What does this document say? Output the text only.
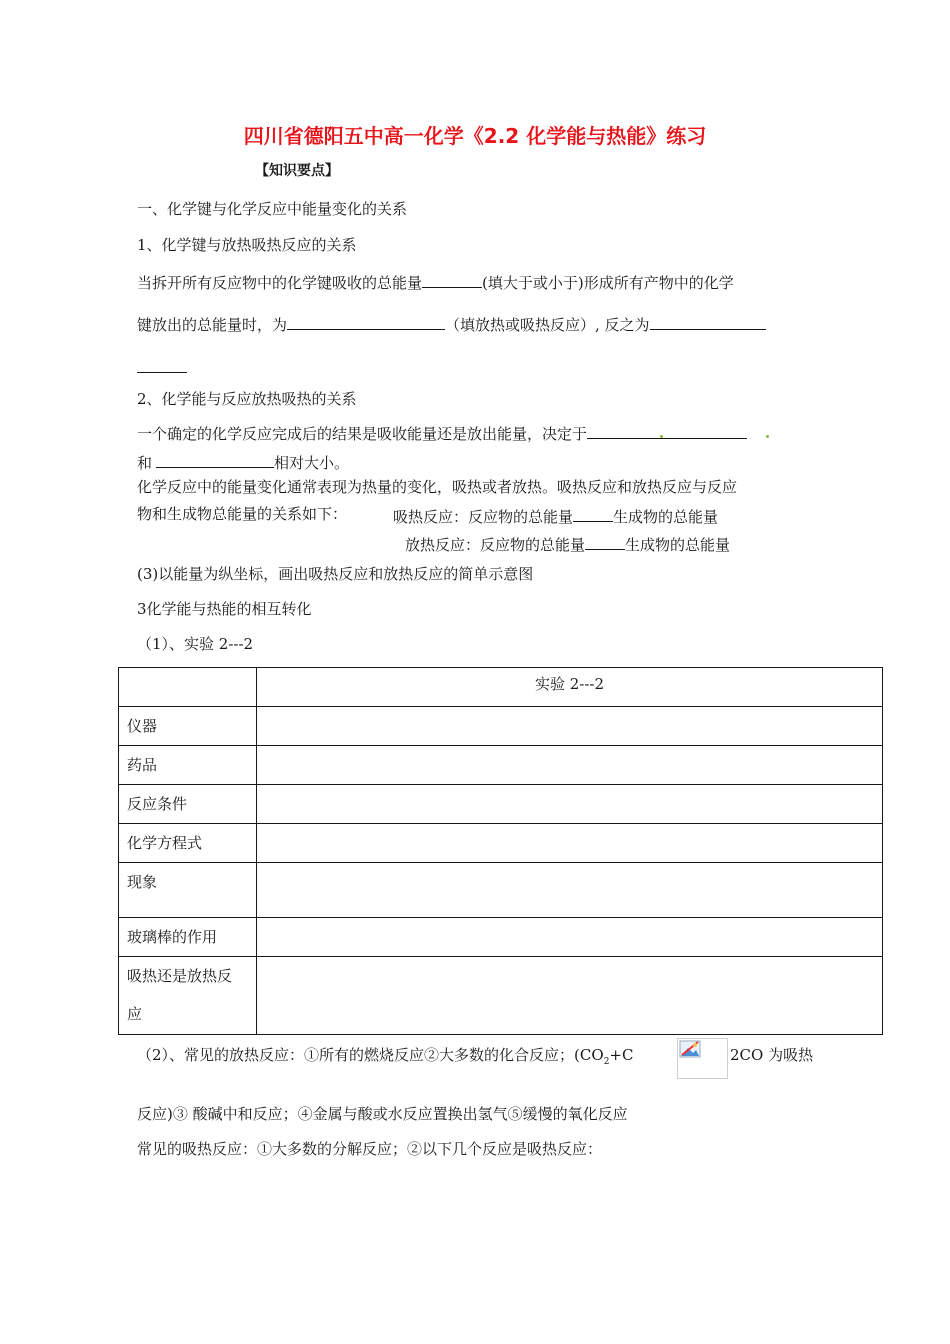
四川省德阳五中高一化学《2.2 化学能与热能》练习
【知识要点】
一、化学键与化学反应中能量变化的关系
1、化学键与放热吸热反应的关系
当拆开所有反应物中的化学键吸收的总能量	(填大于或小于)形成所有产物中的化学
键放出的总能量时，为	（填放热或吸热反应）, 反之为
2、化学能与反应放热吸热的关系
一个确定的化学反应完成后的结果是吸收能量还是放出能量，决定于
和	相对大小。
化学反应中的能量变化通常表现为热量的变化，吸热或者放热。吸热反应和放热反应与反应
物和生成物总能量的关系如下：	吸热反应：反应物的总能量	生成物的总能量
放热反应：反应物的总能量	生成物的总能量
(3)以能量为纵坐标，画出吸热反应和放热反应的简单示意图
3化学能与热能的相互转化
（1）、实验 2---2
	实验 2---2
仪器	
药品	
反应条件	
化学方程式	
现象	
玻璃棒的作用	

吸热还是放热反
应	

（2）、常见的放热反应：①所有的燃烧反应②大多数的化合反应；($CO_2+C$	2CO 为吸热
反应)③ 酸碱中和反应；④金属与酸或水反应置换出氢气⑤缓慢的氧化反应
常见的吸热反应：①大多数的分解反应；②以下几个反应是吸热反应：
